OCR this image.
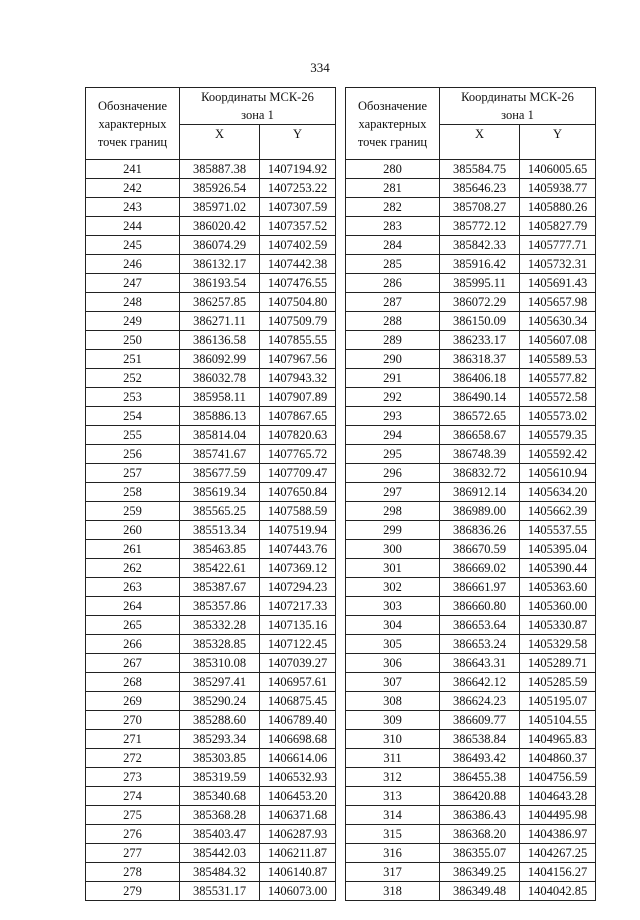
334
Обозначение
характерных
точек границ	Координаты МСК-26
зона 1	

	X	Y
241	385887.38	1407194.92
242	385926.54	1407253.22
243	385971.02	1407307.59
244	386020.42	1407357.52
245	386074.29	1407402.59
246	386132.17	1407442.38
247	386193.54	1407476.55
248	386257.85	1407504.80
249	386271.11	1407509.79
250	386136.58	1407855.55
251	386092.99	1407967.56
252	386032.78	1407943.32
253	385958.11	1407907.89
254	385886.13	1407867.65
255	385814.04	1407820.63
256	385741.67	1407765.72
257	385677.59	1407709.47
258	385619.34	1407650.84
259	385565.25	1407588.59
260	385513.34	1407519.94
261	385463.85	1407443.76
262	385422.61	1407369.12
263	385387.67	1407294.23
264	385357.86	1407217.33
265	385332.28	1407135.16
266	385328.85	1407122.45
267	385310.08	1407039.27
268	385297.41	1406957.61
269	385290.24	1406875.45
270	385288.60	1406789.40
271	385293.34	1406698.68
272	385303.85	1406614.06
273	385319.59	1406532.93
274	385340.68	1406453.20
275	385368.28	1406371.68
276	385403.47	1406287.93
277	385442.03	1406211.87
278	385484.32	1406140.87
279	385531.17	1406073.00
Обозначение
характерных
точек границ	Координаты МСК-26
зона 1	

	X	Y
280	385584.75	1406005.65
281	385646.23	1405938.77
282	385708.27	1405880.26
283	385772.12	1405827.79
284	385842.33	1405777.71
285	385916.42	1405732.31
286	385995.11	1405691.43
287	386072.29	1405657.98
288	386150.09	1405630.34
289	386233.17	1405607.08
290	386318.37	1405589.53
291	386406.18	1405577.82
292	386490.14	1405572.58
293	386572.65	1405573.02
294	386658.67	1405579.35
295	386748.39	1405592.42
296	386832.72	1405610.94
297	386912.14	1405634.20
298	386989.00	1405662.39
299	386836.26	1405537.55
300	386670.59	1405395.04
301	386669.02	1405390.44
302	386661.97	1405363.60
303	386660.80	1405360.00
304	386653.64	1405330.87
305	386653.24	1405329.58
306	386643.31	1405289.71
307	386642.12	1405285.59
308	386624.23	1405195.07
309	386609.77	1405104.55
310	386538.84	1404965.83
311	386493.42	1404860.37
312	386455.38	1404756.59
313	386420.88	1404643.28
314	386386.43	1404495.98
315	386368.20	1404386.97
316	386355.07	1404267.25
317	386349.25	1404156.27
318	386349.48	1404042.85
